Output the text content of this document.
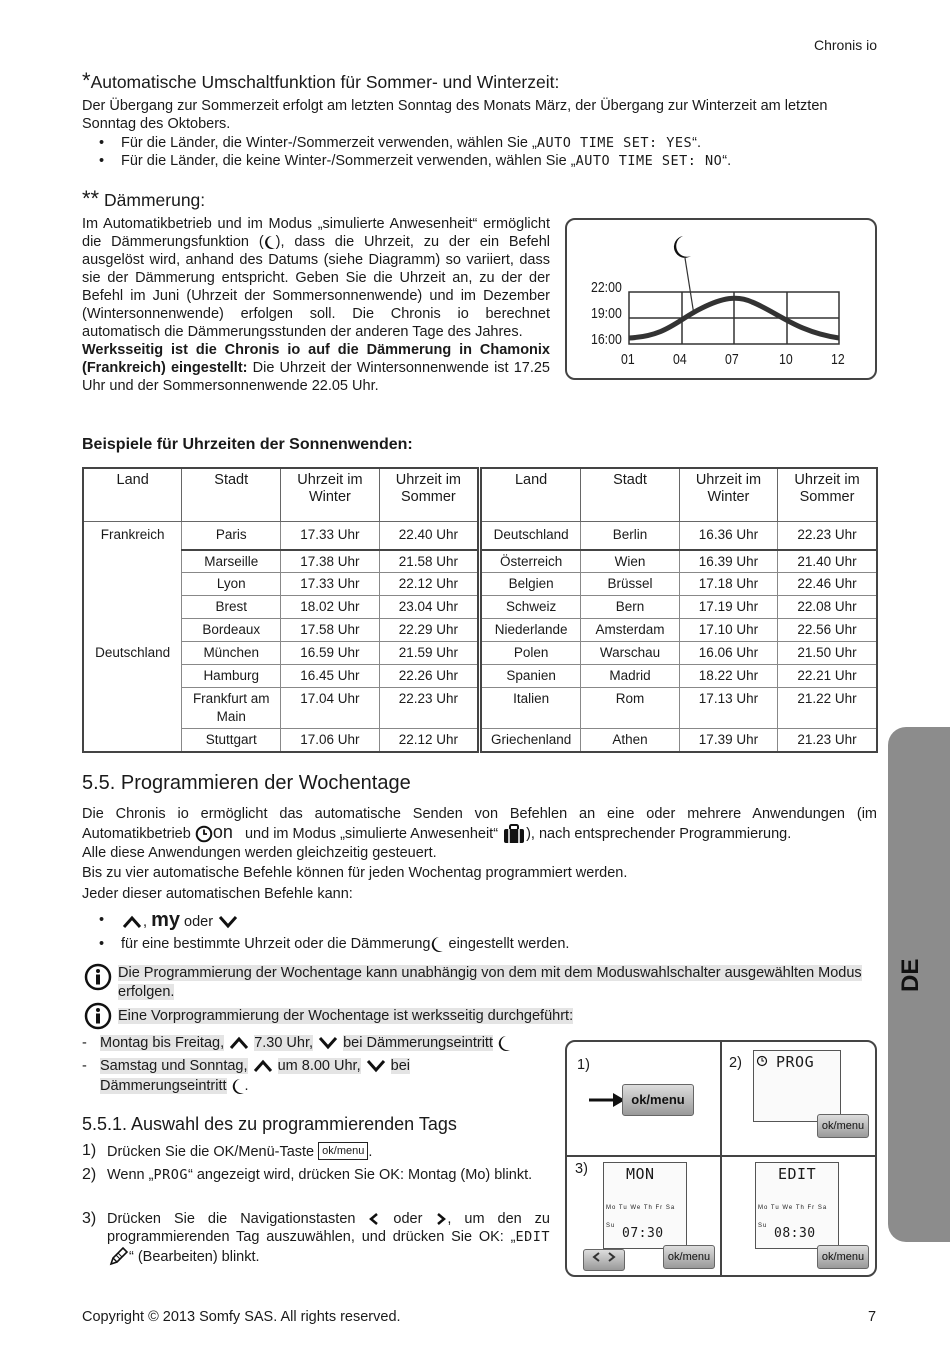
Chronis io
*Automatische Umschaltfunktion für Sommer- und Winterzeit:

Der Übergang zur Sommerzeit erfolgt am letzten Sonntag des Monats März, der Übergang zur Winterzeit am letzten Sonntag des Oktobers.

• Für die Länder, die Winter-/Sommerzeit verwenden, wählen Sie „AUTO TIME SET: YES“.
• Für die Länder, die keine Winter-/Sommerzeit verwenden, wählen Sie „AUTO TIME SET: NO“.
** Dämmerung:

Im Automatikbetrieb und im Modus „simulierte Anwesenheit“ ermöglicht die Dämmerungsfunktion ( ), dass die Uhrzeit, zu der ein Befehl ausgelöst wird, anhand des Datums (siehe Diagramm) so variiert, dass sie der Dämmerung entspricht. Geben Sie die Uhrzeit an, zu der der Befehl im Juni (Uhrzeit der Sommersonnenwende) und im Dezember (Wintersonnenwende) erfolgen soll. Die Chronis io berechnet automatisch die Dämmerungsstunden der anderen Tage des Jahres.
Werksseitig ist die Chronis io auf die Dämmerung in Chamonix (Frankreich) eingestellt: Die Uhrzeit der Wintersonnenwende ist 17.25 Uhr und der Sommersonnenwende 22.05 Uhr.

22:00
19:00
16:00
01	04	07	10	12
Beispiele für Uhrzeiten der Sonnenwenden:
Land	Stadt	Uhrzeit im Winter	Uhrzeit im Sommer
Frankreich	Paris	17.33 Uhr	22.40 Uhr
	Marseille	17.38 Uhr	21.58 Uhr
	Lyon	17.33 Uhr	22.12 Uhr
	Brest	18.02 Uhr	23.04 Uhr
	Bordeaux	17.58 Uhr	22.29 Uhr
Deutschland	München	16.59 Uhr	21.59 Uhr
	Hamburg	16.45 Uhr	22.26 Uhr
	Frankfurt am Main	17.04 Uhr	22.23 Uhr
	Stuttgart	17.06 Uhr	22.12 Uhr
Land	Stadt	Uhrzeit im Winter	Uhrzeit im Sommer
Deutschland	Berlin	16.36 Uhr	22.23 Uhr
Österreich	Wien	16.39 Uhr	21.40 Uhr
Belgien	Brüssel	17.18 Uhr	22.46 Uhr
Schweiz	Bern	17.19 Uhr	22.08 Uhr
Niederlande	Amsterdam	17.10 Uhr	22.56 Uhr
Polen	Warschau	16.06 Uhr	21.50 Uhr
Spanien	Madrid	18.22 Uhr	22.21 Uhr
Italien	Rom	17.13 Uhr	21.22 Uhr
Griechenland	Athen	17.39 Uhr	21.23 Uhr
5.5. Programmieren der Wochentage

Die Chronis io ermöglicht das automatische Senden von Befehlen an eine oder mehrere Anwendungen (im Automatikbetrieb on und im Modus „simulierte Anwesenheit“ ), nach entsprechender Programmierung.
Alle diese Anwendungen werden gleichzeitig gesteuert.

Bis zu vier automatische Befehle können für jeden Wochentag programmiert werden.

Jeder dieser automatischen Befehle kann:

• , my oder
• für eine bestimmte Uhrzeit oder die Dämmerung eingestellt werden.

Die Programmierung der Wochentage kann unabhängig von dem mit dem Moduswahlschalter ausgewählten Modus erfolgen.

Eine Vorprogrammierung der Wochentage ist werksseitig durchgeführt:

- Montag bis Freitag, 7.30 Uhr, bei Dämmerungseintritt
- Samstag und Sonntag, um 8.00 Uhr, bei
Dämmerungseintritt .
5.5.1. Auswahl des zu programmierenden Tags
1) Drücken Sie die OK/Menü-Taste ok/menu .
2) Wenn „PROG“ angezeigt wird, drücken Sie OK: Montag (Mo) blinkt.

3) Drücken Sie die Navigationstasten	oder , um den zu programmierenden Tag auszuwählen, und drücken Sie OK: „EDIT “ (Bearbeiten) blinkt.

1)	2)
3)
ok/menu
PROG
ok/menu
MON
Mo Tu We Th Fr Sa Su 07:30
ok/menu
EDIT
Mo Tu We Th Fr Sa Su 08:30
ok/menu
DE
Copyright © 2013 Somfy SAS. All rights reserved.	7
